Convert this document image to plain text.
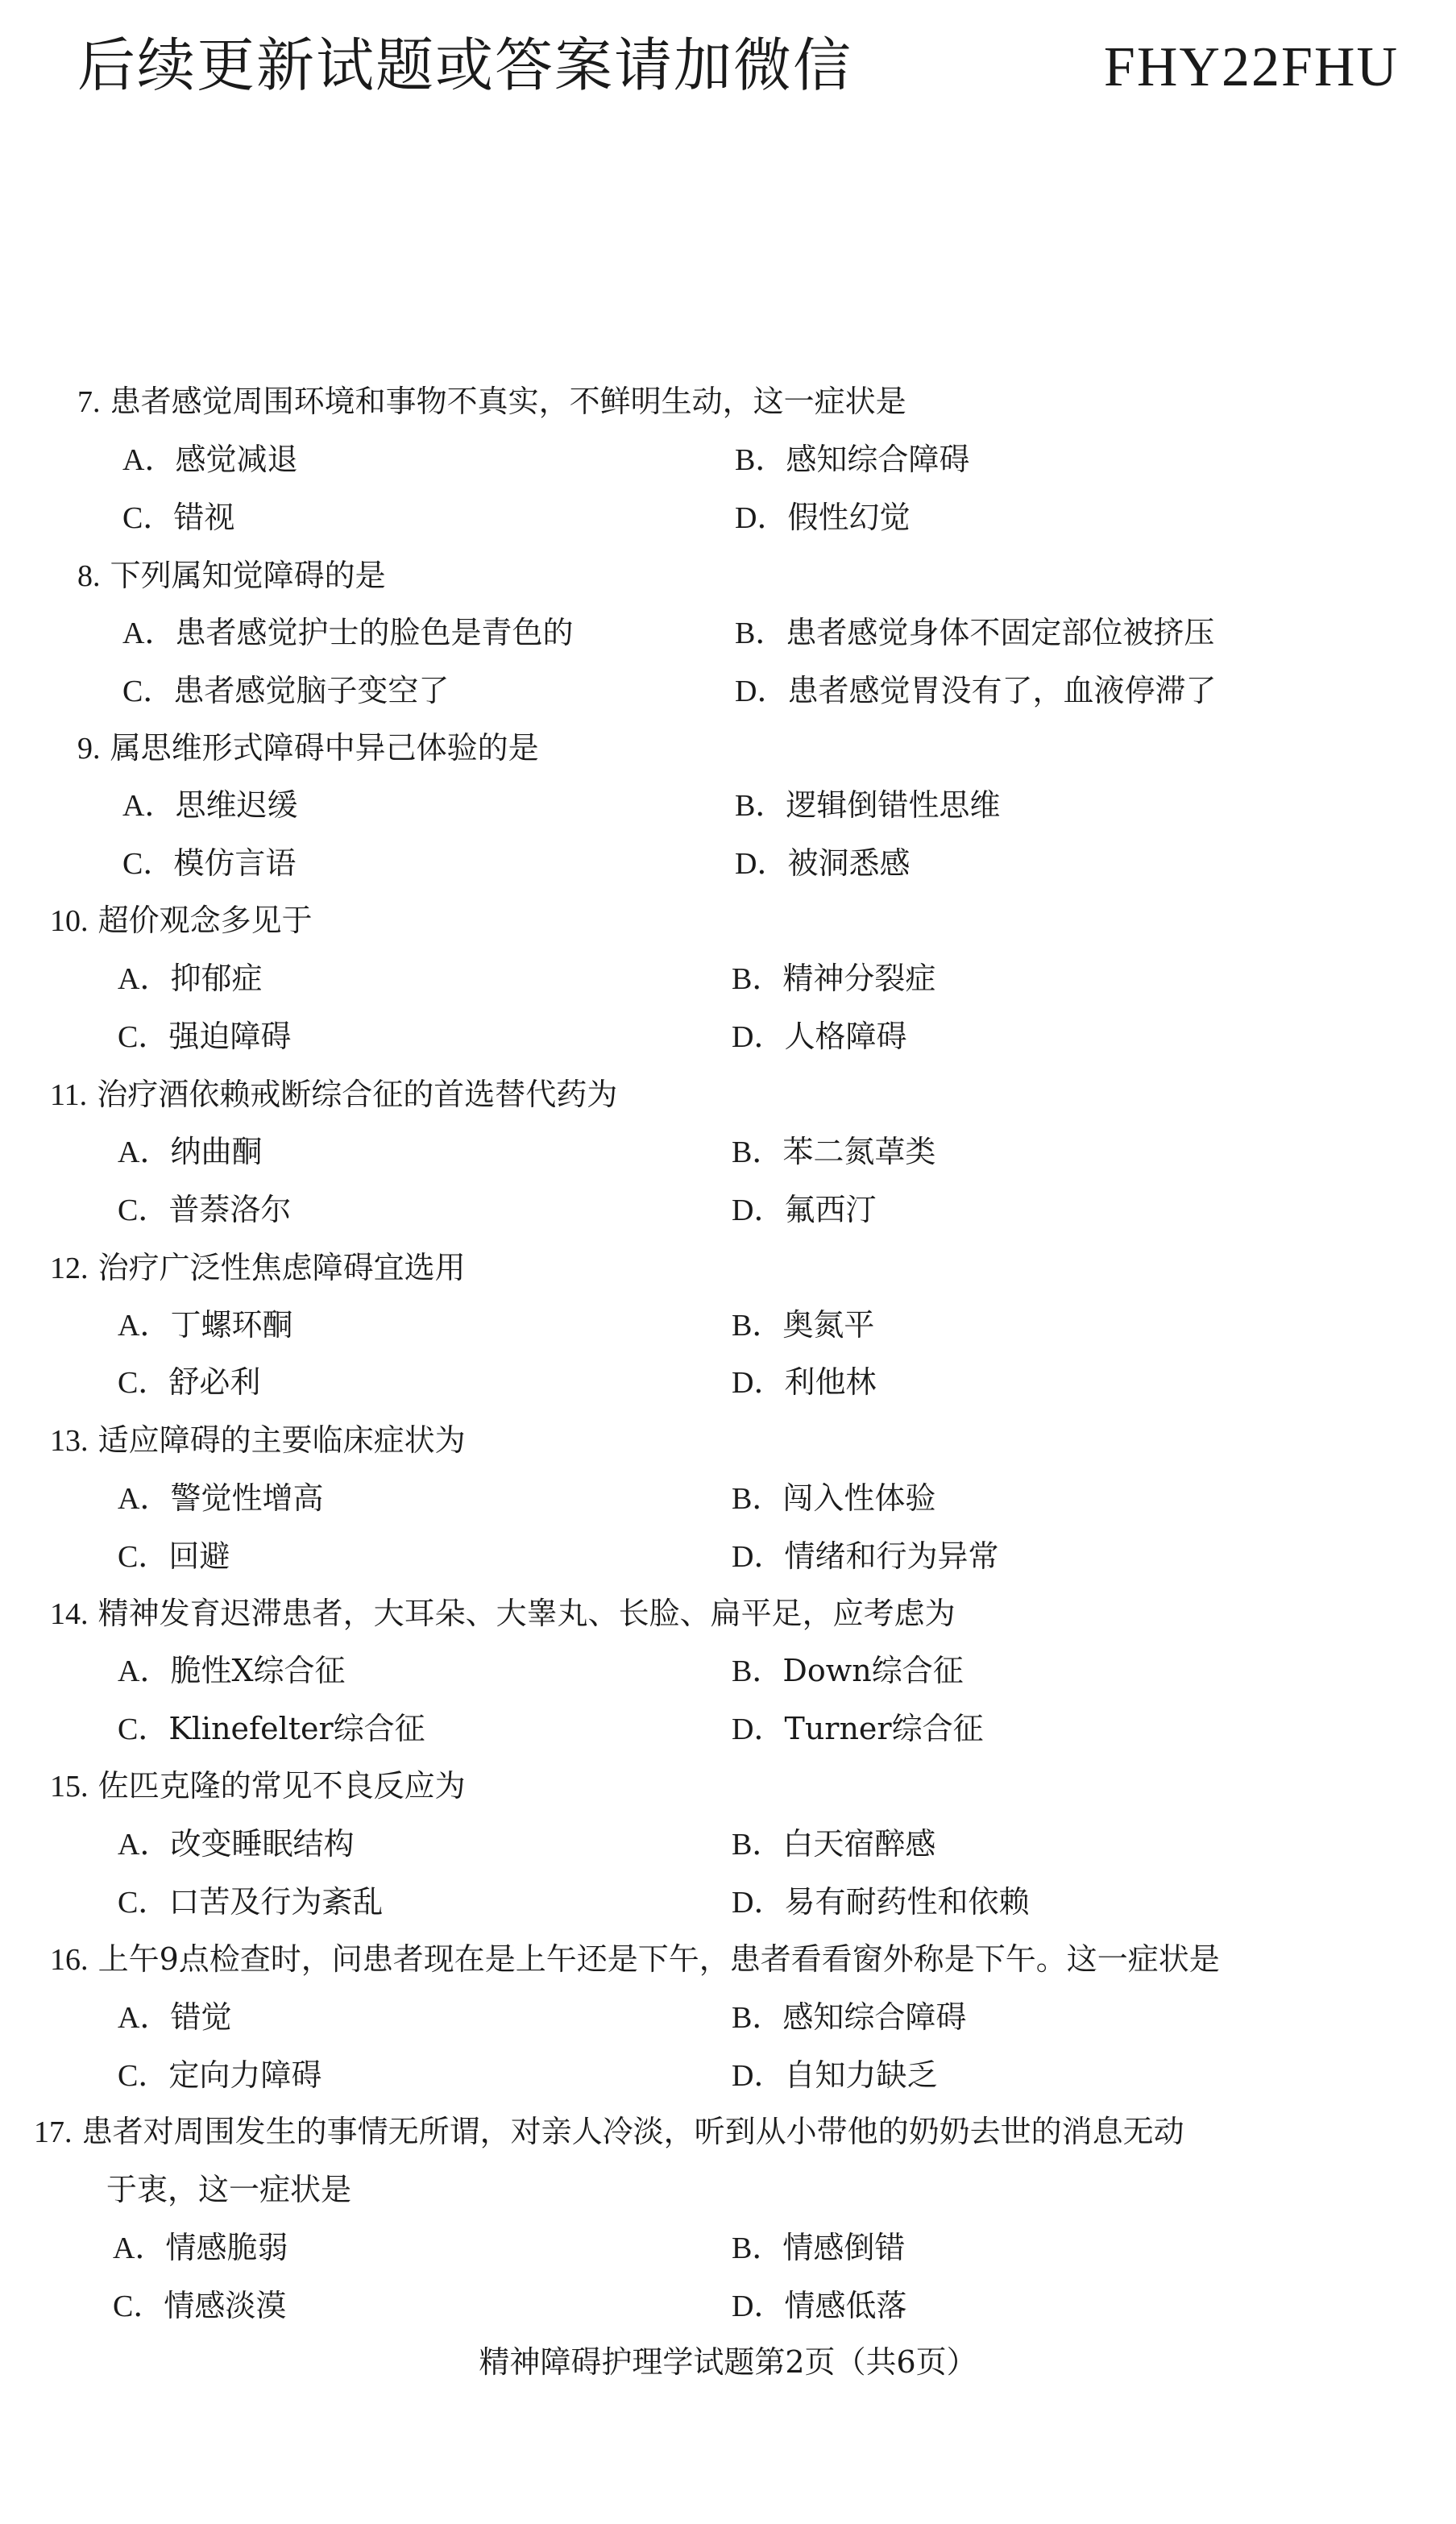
后续更新试题或答案请加微信	FHY22FHU
7. 患者感觉周围环境和事物不真实，不鲜明生动，这一症状是
A．感觉减退	B．感知综合障碍
C．错视	D．假性幻觉
8. 下列属知觉障碍的是
A．患者感觉护士的脸色是青色的	B．患者感觉身体不固定部位被挤压
C．患者感觉脑子变空了	D．患者感觉胃没有了，血液停滞了
9. 属思维形式障碍中异己体验的是
A．思维迟缓	B．逻辑倒错性思维
C．模仿言语	D．被洞悉感
10. 超价观念多见于
A．抑郁症	B．精神分裂症
C．强迫障碍	D．人格障碍
11. 治疗酒依赖戒断综合征的首选替代药为
A．纳曲酮	B．苯二氮䓬类
C．普萘洛尔	D．氟西汀
12. 治疗广泛性焦虑障碍宜选用
A．丁螺环酮	B．奥氮平
C．舒必利	D．利他林
13. 适应障碍的主要临床症状为
A．警觉性增高	B．闯入性体验
C．回避	D．情绪和行为异常
14. 精神发育迟滞患者，大耳朵、大睾丸、长脸、扁平足，应考虑为
A．脆性X综合征	B．Down综合征
C．Klinefelter综合征	D．Turner综合征
15. 佐匹克隆的常见不良反应为
A．改变睡眠结构	B．白天宿醉感
C．口苦及行为紊乱	D．易有耐药性和依赖
16. 上午9点检查时，问患者现在是上午还是下午，患者看看窗外称是下午。这一症状是
A．错觉	B．感知综合障碍
C．定向力障碍	D．自知力缺乏
17. 患者对周围发生的事情无所谓，对亲人冷淡，听到从小带他的奶奶去世的消息无动
于衷，这一症状是
A．情感脆弱	B．情感倒错
C．情感淡漠	D．情感低落
精神障碍护理学试题第2页（共6页）
